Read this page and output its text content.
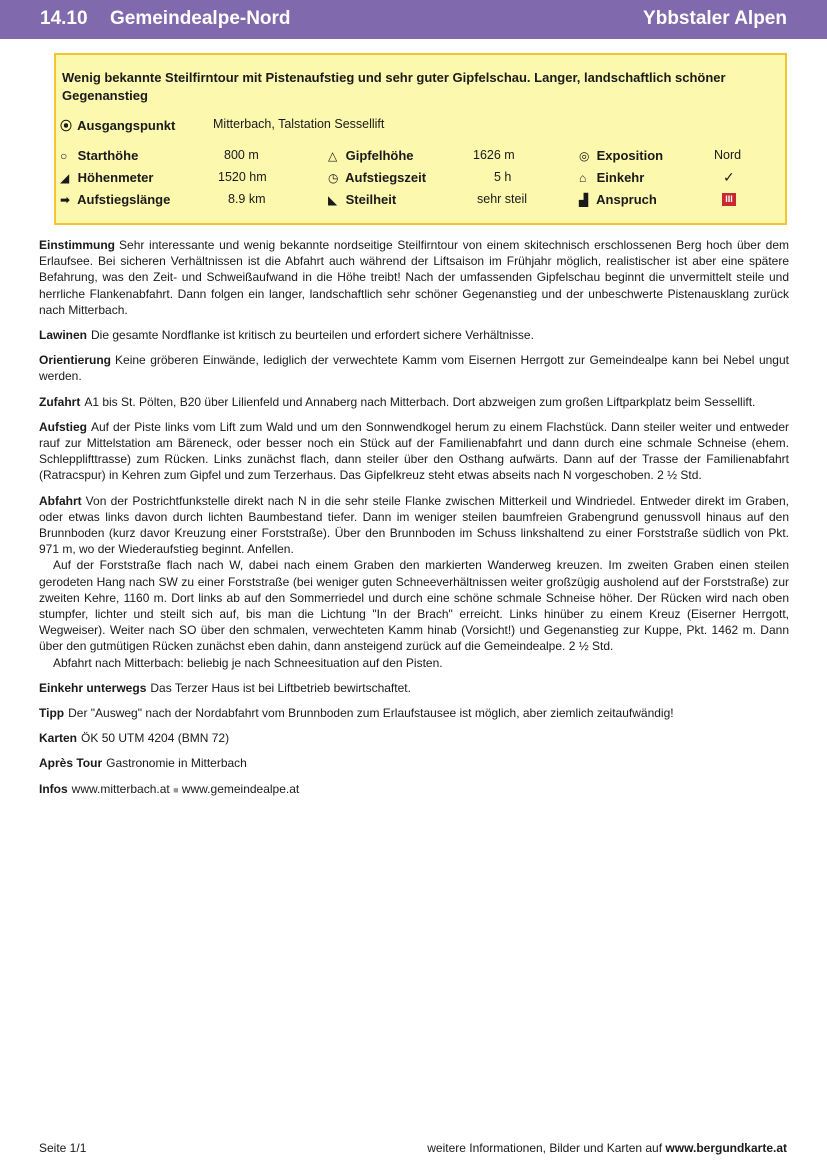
14.10 Gemeindealpe-Nord	Ybbstaler Alpen
Wenig bekannte Steilfirntour mit Pistenaufstieg und sehr guter Gipfelschau. Langer, landschaftlich schöner Gegenanstieg
⦿ Ausgangspunkt	Mitterbach, Talstation Sessellift
○ Starthöhe	800 m	△ Gipfelhöhe	1626 m	◎ Exposition	Nord
◢ Höhenmeter	1520 hm	◷ Aufstiegszeit	5 h	⌂ Einkehr	✓
➡ Aufstiegslänge	8.9 km	◣ Steilheit	sehr steil	▟ Anspruch	III

Einstimmung Sehr interessante und wenig bekannte nordseitige Steilfirntour von einem skitechnisch erschlossenen Berg hoch über dem Erlaufsee. Bei sicheren Verhältnissen ist die Abfahrt auch während der Liftsaison im Frühjahr möglich, realistischer ist aber eine spätere Befahrung, was den Zeit- und Schweißaufwand in die Höhe treibt! Nach der umfassenden Gipfelschau beginnt die unvermittelt steile und herrliche Flankenabfahrt. Dann folgen ein langer, landschaftlich sehr schöner Gegenanstieg und der unbeschwerte Pistenausklang zurück nach Mitterbach.

Lawinen Die gesamte Nordflanke ist kritisch zu beurteilen und erfordert sichere Verhältnisse.

Orientierung Keine gröberen Einwände, lediglich der verwechtete Kamm vom Eisernen Herrgott zur Gemeindealpe kann bei Nebel ungut werden.

Zufahrt A1 bis St. Pölten, B20 über Lilienfeld und Annaberg nach Mitterbach. Dort abzweigen zum großen Liftparkplatz beim Sessellift.

Aufstieg Auf der Piste links vom Lift zum Wald und um den Sonnwendkogel herum zu einem Flachstück. Dann steiler weiter und entweder rauf zur Mittelstation am Bäreneck, oder besser noch ein Stück auf der Familienabfahrt und dann durch eine schmale Schneise (ehem. Schlepplifttrasse) zum Rücken. Links zunächst flach, dann steiler über den Osthang aufwärts. Dann auf der Trasse der Familienabfahrt (Ratracspur) in Kehren zum Gipfel und zum Terzerhaus. Das Gipfelkreuz steht etwas abseits nach N vorgeschoben. 2 ½ Std.

Abfahrt Von der Postrichtfunkstelle direkt nach N in die sehr steile Flanke zwischen Mitterkeil und Windriedel. Entweder direkt im Graben, oder etwas links davon durch lichten Baumbestand tiefer. Dann im weniger steilen baumfreien Grabengrund genussvoll hinaus auf den Brunnboden (kurz davor Kreuzung einer Forststraße). Über den Brunnboden im Schuss linkshaltend zu einer Forststraße südlich von Pkt. 971 m, wo der Wiederaufstieg beginnt. Anfellen.

Auf der Forststraße flach nach W, dabei nach einem Graben den markierten Wanderweg kreuzen. Im zweiten Graben einen steilen gerodeten Hang nach SW zu einer Forststraße (bei weniger guten Schneeverhältnissen weiter großzügig ausholend auf der Forststraße) zur zweiten Kehre, 1160 m. Dort links ab auf den Sommerriedel und durch eine schöne schmale Schneise höher. Der Rücken wird nach oben stumpfer, lichter und steilt sich auf, bis man die Lichtung "In der Brach" erreicht. Links hinüber zu einem Kreuz (Eiserner Herrgott, Wegweiser). Weiter nach SO über den schmalen, verwechteten Kamm hinab (Vorsicht!) und Gegenanstieg zur Kuppe, Pkt. 1462 m. Dann über den gutmütigen Rücken zunächst eben dahin, dann ansteigend zurück auf die Gemeindealpe. 2 ½ Std.

Abfahrt nach Mitterbach: beliebig je nach Schneesituation auf den Pisten.

Einkehr unterwegs Das Terzer Haus ist bei Liftbetrieb bewirtschaftet.

Tipp Der "Ausweg" nach der Nordabfahrt vom Brunnboden zum Erlaufstausee ist möglich, aber ziemlich zeitaufwändig!

Karten ÖK 50 UTM 4204 (BMN 72)

Après Tour Gastronomie in Mitterbach

Infos www.mitterbach.at ■ www.gemeindealpe.at

Seite 1/1	weitere Informationen, Bilder und Karten auf www.bergundkarte.at
